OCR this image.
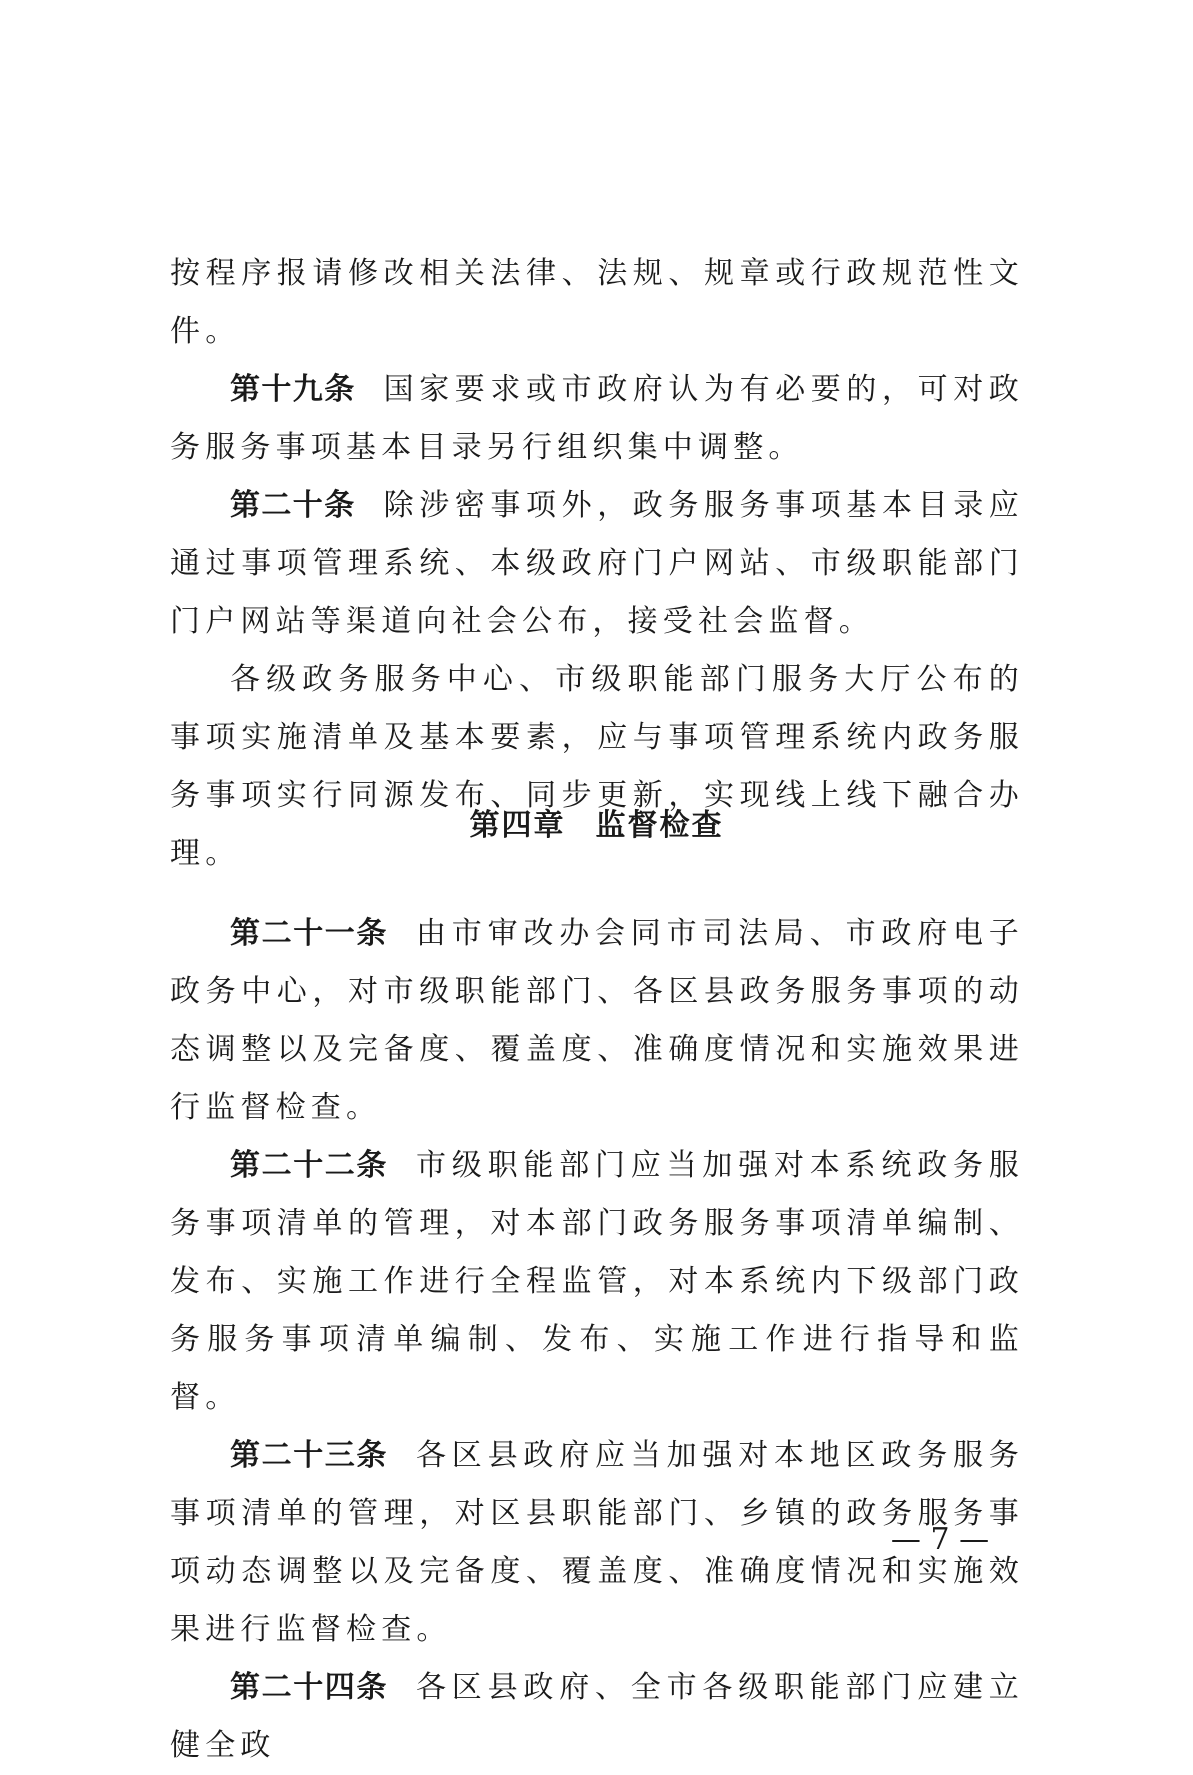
按程序报请修改相关法律、法规、规章或行政规范性文件。

第十九条 国家要求或市政府认为有必要的，可对政务服务事项基本目录另行组织集中调整。

第二十条 除涉密事项外，政务服务事项基本目录应通过事项管理系统、本级政府门户网站、市级职能部门门户网站等渠道向社会公布，接受社会监督。

各级政务服务中心、市级职能部门服务大厅公布的事项实施清单及基本要素，应与事项管理系统内政务服务事项实行同源发布、同步更新，实现线上线下融合办理。

第四章 监督检查

第二十一条 由市审改办会同市司法局、市政府电子政务中心，对市级职能部门、各区县政务服务事项的动态调整以及完备度、覆盖度、准确度情况和实施效果进行监督检查。

第二十二条 市级职能部门应当加强对本系统政务服务事项清单的管理，对本部门政务服务事项清单编制、发布、实施工作进行全程监管，对本系统内下级部门政务服务事项清单编制、发布、实施工作进行指导和监督。

第二十三条 各区县政府应当加强对本地区政务服务事项清单的管理，对区县职能部门、乡镇的政务服务事项动态调整以及完备度、覆盖度、准确度情况和实施效果进行监督检查。

第二十四条 各区县政府、全市各级职能部门应建立健全政

— 7 —
